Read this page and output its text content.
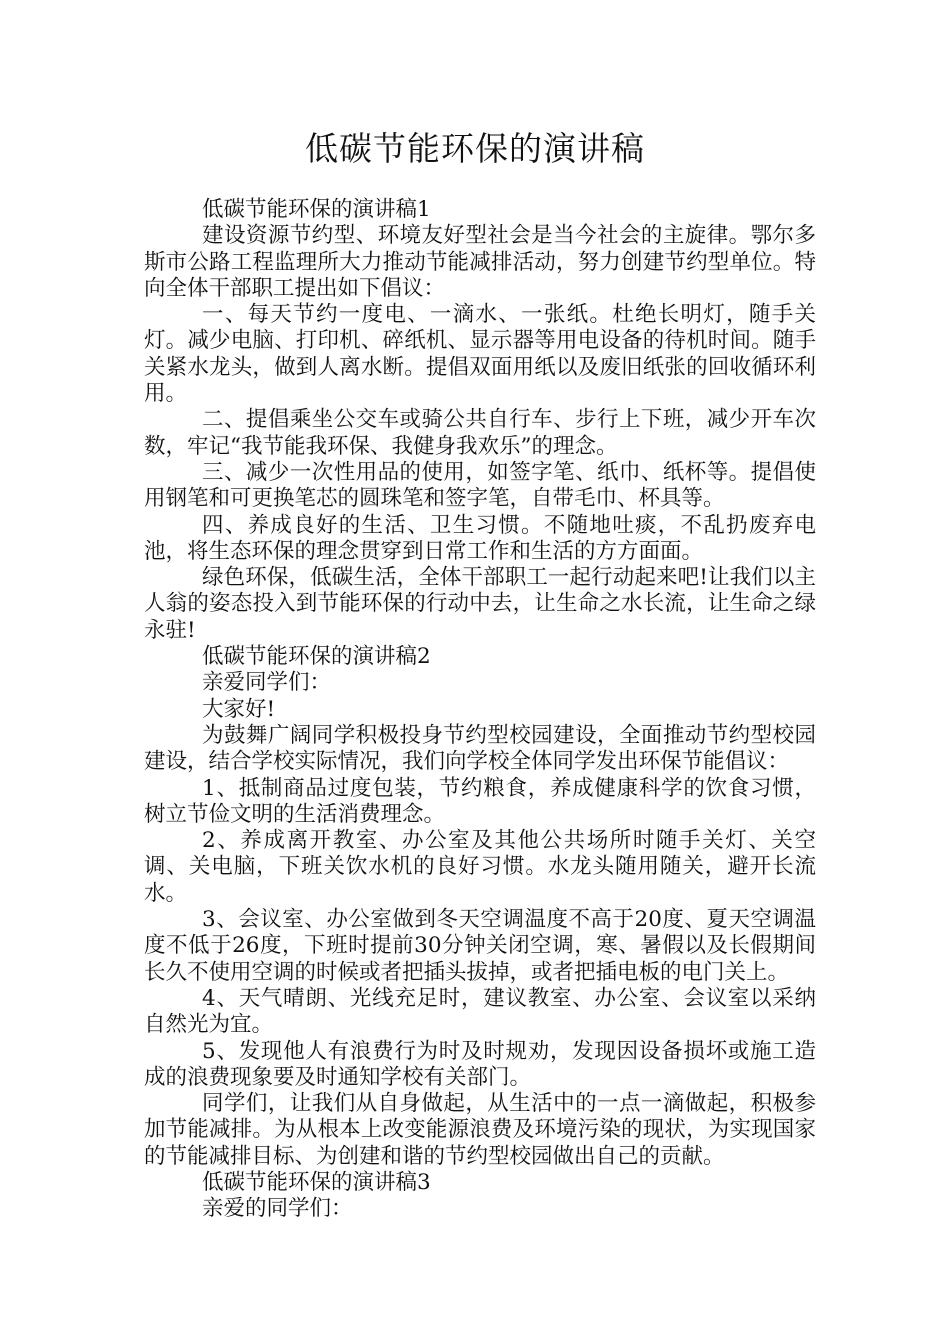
低碳节能环保的演讲稿

低碳节能环保的演讲稿1

建设资源节约型、环境友好型社会是当今社会的主旋律。鄂尔多斯市公路工程监理所大力推动节能减排活动，努力创建节约型单位。特向全体干部职工提出如下倡议：

一、每天节约一度电、一滴水、一张纸。杜绝长明灯，随手关灯。减少电脑、打印机、碎纸机、显示器等用电设备的待机时间。随手关紧水龙头，做到人离水断。提倡双面用纸以及废旧纸张的回收循环利用。

二、提倡乘坐公交车或骑公共自行车、步行上下班，减少开车次数，牢记“我节能我环保、我健身我欢乐”的理念。

三、减少一次性用品的使用，如签字笔、纸巾、纸杯等。提倡使用钢笔和可更换笔芯的圆珠笔和签字笔，自带毛巾、杯具等。

四、养成良好的生活、卫生习惯。不随地吐痰，不乱扔废弃电池，将生态环保的理念贯穿到日常工作和生活的方方面面。

绿色环保，低碳生活，全体干部职工一起行动起来吧!让我们以主人翁的姿态投入到节能环保的行动中去，让生命之水长流，让生命之绿永驻!

低碳节能环保的演讲稿2

亲爱同学们：

大家好!

为鼓舞广阔同学积极投身节约型校园建设，全面推动节约型校园建设，结合学校实际情况，我们向学校全体同学发出环保节能倡议：

1、抵制商品过度包装，节约粮食，养成健康科学的饮食习惯，树立节俭文明的生活消费理念。

2、养成离开教室、办公室及其他公共场所时随手关灯、关空调、关电脑，下班关饮水机的良好习惯。水龙头随用随关，避开长流水。

3、会议室、办公室做到冬天空调温度不高于20度、夏天空调温度不低于26度，下班时提前30分钟关闭空调，寒、暑假以及长假期间长久不使用空调的时候或者把插头拔掉，或者把插电板的电门关上。

4、天气晴朗、光线充足时，建议教室、办公室、会议室以采纳自然光为宜。

5、发现他人有浪费行为时及时规劝，发现因设备损坏或施工造成的浪费现象要及时通知学校有关部门。

同学们，让我们从自身做起，从生活中的一点一滴做起，积极参加节能减排。为从根本上改变能源浪费及环境污染的现状，为实现国家的节能减排目标、为创建和谐的节约型校园做出自己的贡献。

低碳节能环保的演讲稿3

亲爱的同学们：
